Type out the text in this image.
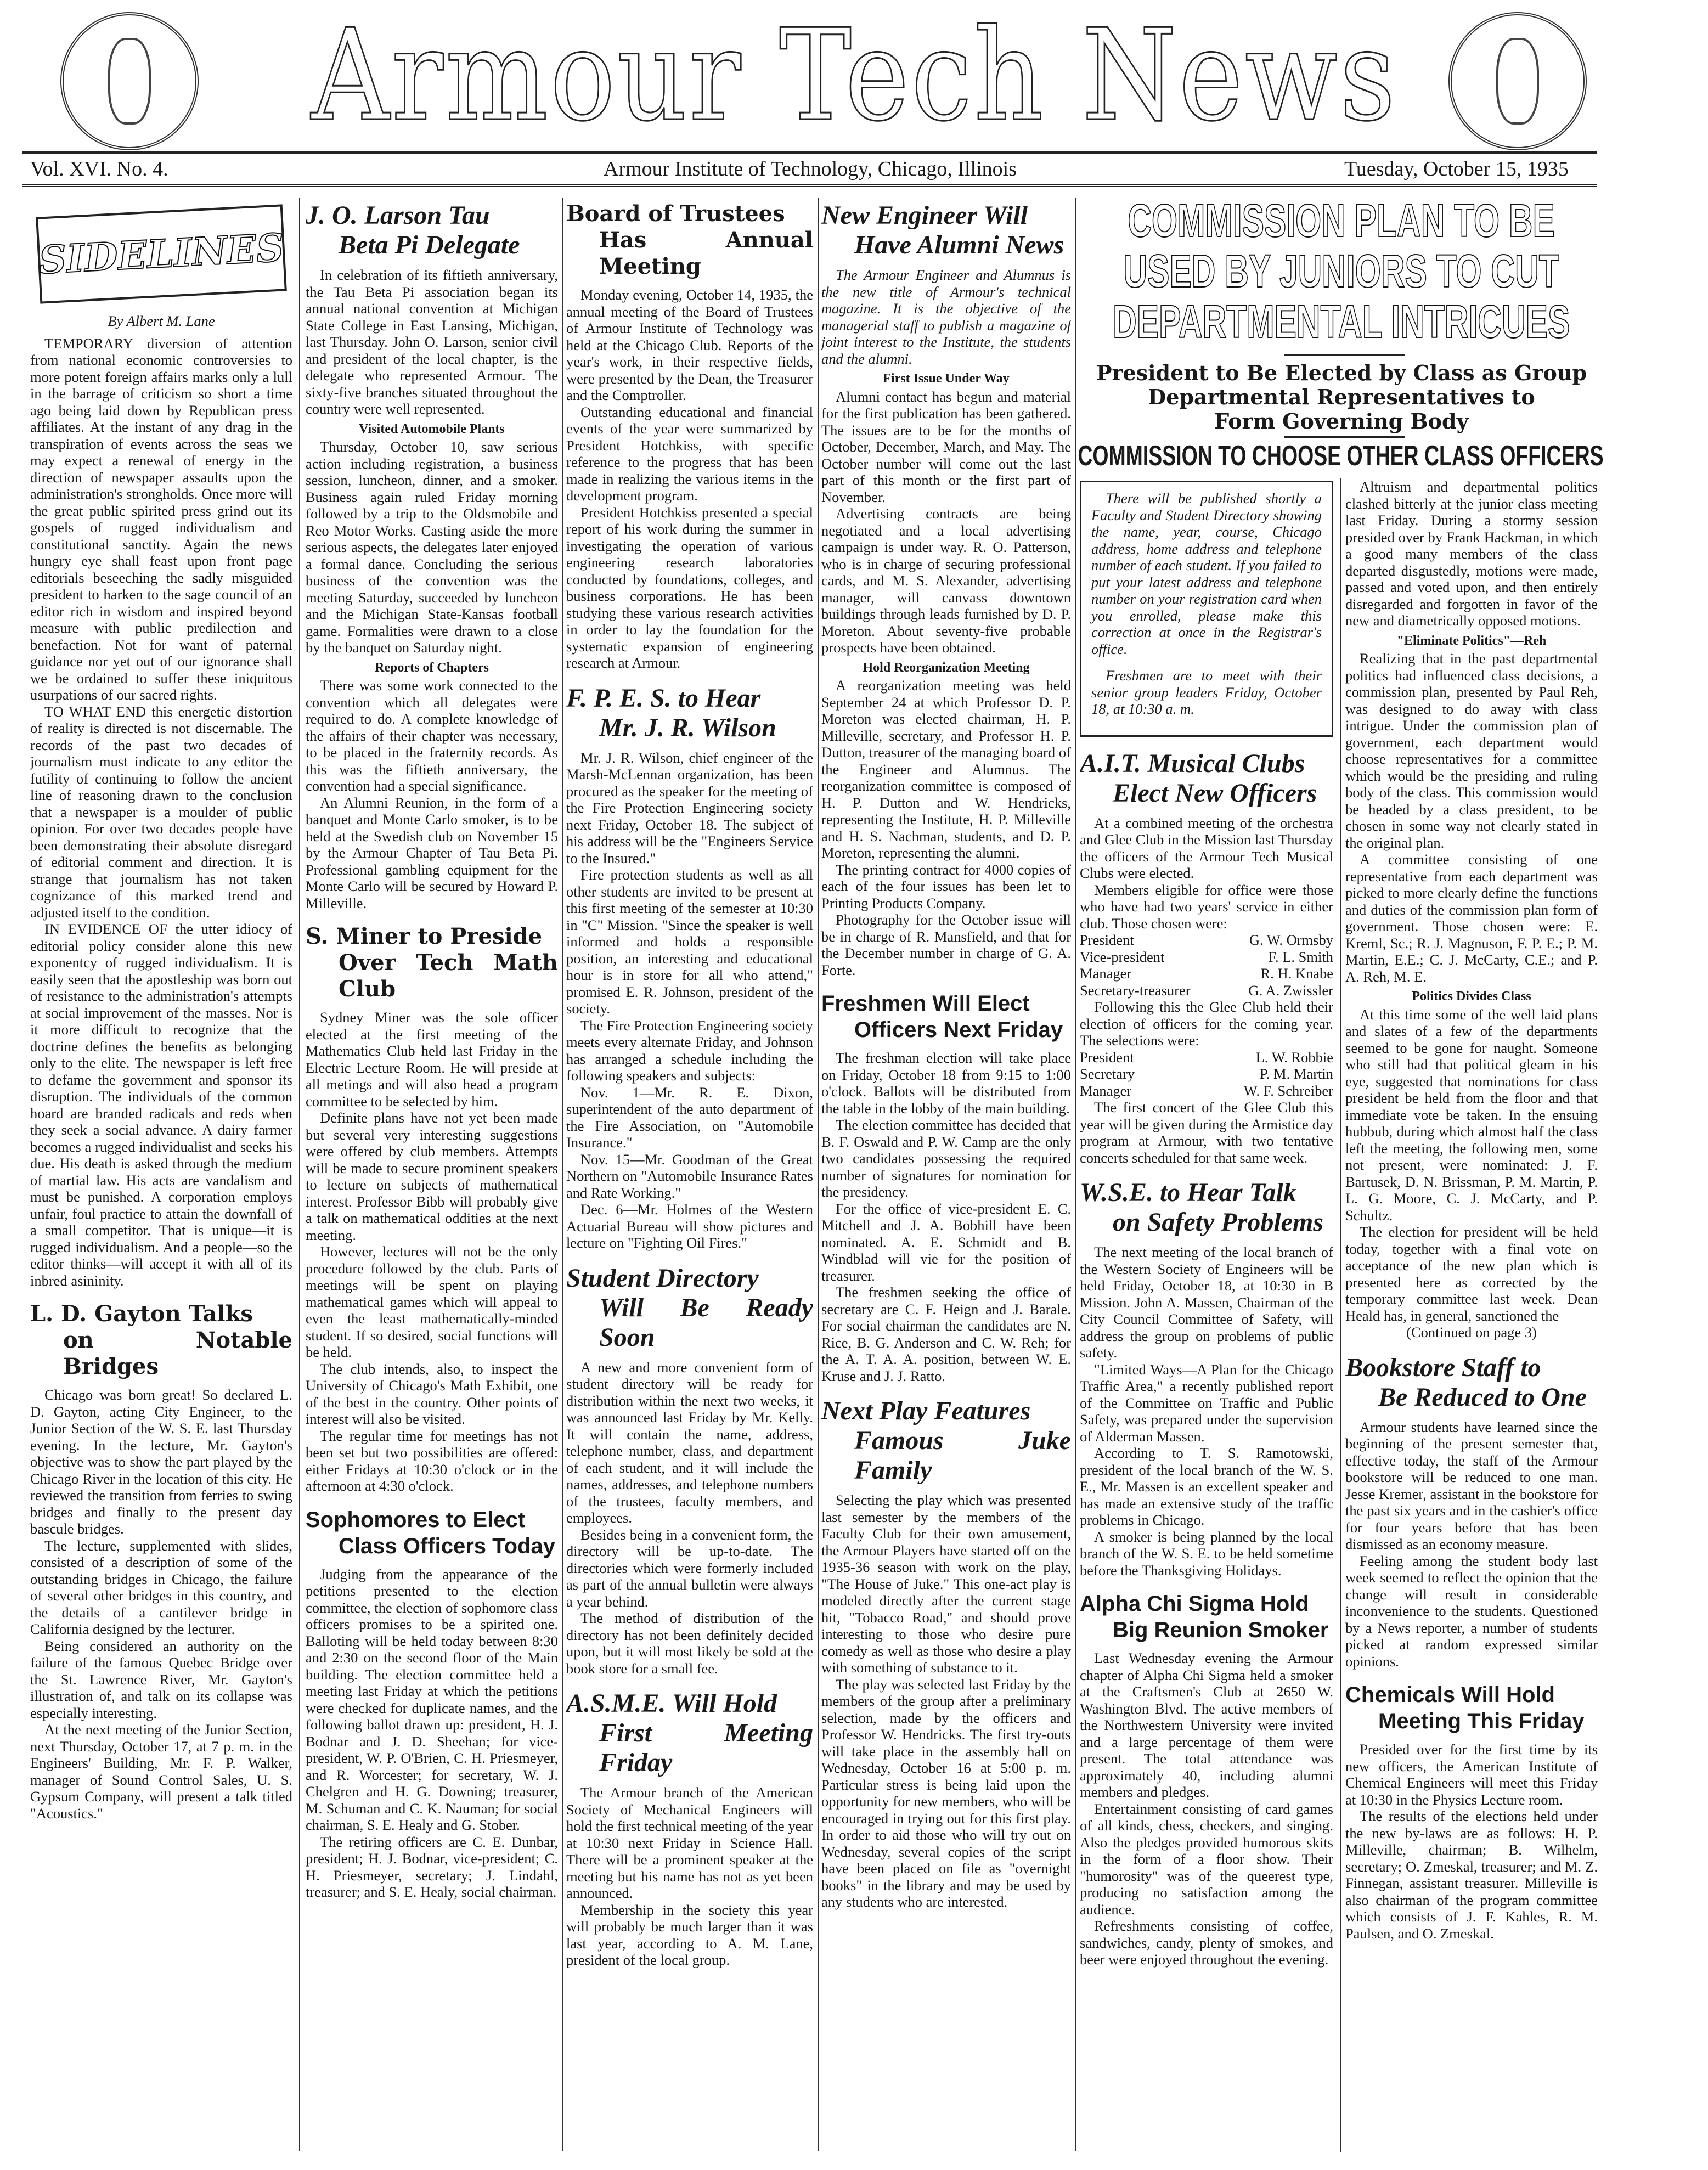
Armour Tech News
Vol. XVI. No. 4.	Armour Institute of Technology, Chicago, Illinois	Tuesday, October 15, 1935
COMMISSION PLAN TO BE
USED BY JUNIORS TO CUT
DEPARTMENTAL INTRICUES
President to Be Elected by Class as Group
Departmental Representatives to
Form Governing Body
COMMISSION TO CHOOSE OTHER CLASS OFFICERS
SIDELINES

By Albert M. Lane

TEMPORARY diversion of attention from national economic controversies to more potent foreign affairs marks only a lull in the barrage of criticism so short a time ago being laid down by Republican press affiliates. At the instant of any drag in the transpiration of events across the seas we may expect a renewal of energy in the direction of newspaper assaults upon the administration's strongholds. Once more will the great public spirited press grind out its gospels of rugged individualism and constitutional sanctity. Again the news hungry eye shall feast upon front page editorials beseeching the sadly misguided president to harken to the sage council of an editor rich in wisdom and inspired beyond measure with public predilection and benefaction. Not for want of paternal guidance nor yet out of our ignorance shall we be ordained to suffer these iniquitous usurpations of our sacred rights.

TO WHAT END this energetic distortion of reality is directed is not discernable. The records of the past two decades of journalism must indicate to any editor the futility of continuing to follow the ancient line of reasoning drawn to the conclusion that a newspaper is a moulder of public opinion. For over two decades people have been demonstrating their absolute disregard of editorial comment and direction. It is strange that journalism has not taken cognizance of this marked trend and adjusted itself to the condition.

IN EVIDENCE OF the utter idiocy of editorial policy consider alone this new exponentcy of rugged individualism. It is easily seen that the apostleship was born out of resistance to the administration's attempts at social improvement of the masses. Nor is it more difficult to recognize that the doctrine defines the benefits as belonging only to the elite. The newspaper is left free to defame the government and sponsor its disruption. The individuals of the common hoard are branded radicals and reds when they seek a social advance. A dairy farmer becomes a rugged individualist and seeks his due. His death is asked through the medium of martial law. His acts are vandalism and must be punished. A corporation employs unfair, foul practice to attain the downfall of a small competitor. That is unique—it is rugged individualism. And a people—so the editor thinks—will accept it with all of its inbred asininity.

L. D. Gayton Talks
on Notable Bridges

Chicago was born great! So declared L. D. Gayton, acting City Engineer, to the Junior Section of the W. S. E. last Thursday evening. In the lecture, Mr. Gayton's objective was to show the part played by the Chicago River in the location of this city. He reviewed the transition from ferries to swing bridges and finally to the present day bascule bridges.

The lecture, supplemented with slides, consisted of a description of some of the outstanding bridges in Chicago, the failure of several other bridges in this country, and the details of a cantilever bridge in California designed by the lecturer.

Being considered an authority on the failure of the famous Quebec Bridge over the St. Lawrence River, Mr. Gayton's illustration of, and talk on its collapse was especially interesting.

At the next meeting of the Junior Section, next Thursday, October 17, at 7 p. m. in the Engineers' Building, Mr. F. P. Walker, manager of Sound Control Sales, U. S. Gypsum Company, will present a talk titled "Acoustics."

J. O. Larson Tau
Beta Pi Delegate

In celebration of its fiftieth anniversary, the Tau Beta Pi association began its annual national convention at Michigan State College in East Lansing, Michigan, last Thursday. John O. Larson, senior civil and president of the local chapter, is the delegate who represented Armour. The sixty-five branches situated throughout the country were well represented.

Visited Automobile Plants

Thursday, October 10, saw serious action including registration, a business session, luncheon, dinner, and a smoker. Business again ruled Friday morning followed by a trip to the Oldsmobile and Reo Motor Works. Casting aside the more serious aspects, the delegates later enjoyed a formal dance. Concluding the serious business of the convention was the meeting Saturday, succeeded by luncheon and the Michigan State-Kansas football game. Formalities were drawn to a close by the banquet on Saturday night.

Reports of Chapters

There was some work connected to the convention which all delegates were required to do. A complete knowledge of the affairs of their chapter was necessary, to be placed in the fraternity records. As this was the fiftieth anniversary, the convention had a special significance.

An Alumni Reunion, in the form of a banquet and Monte Carlo smoker, is to be held at the Swedish club on November 15 by the Armour Chapter of Tau Beta Pi. Professional gambling equipment for the Monte Carlo will be secured by Howard P. Milleville.

S. Miner to Preside
Over Tech Math Club

Sydney Miner was the sole officer elected at the first meeting of the Mathematics Club held last Friday in the Electric Lecture Room. He will preside at all metings and will also head a program committee to be selected by him.

Definite plans have not yet been made but several very interesting suggestions were offered by club members. Attempts will be made to secure prominent speakers to lecture on subjects of mathematical interest. Professor Bibb will probably give a talk on mathematical oddities at the next meeting.

However, lectures will not be the only procedure followed by the club. Parts of meetings will be spent on playing mathematical games which will appeal to even the least mathematically-minded student. If so desired, social functions will be held.

The club intends, also, to inspect the University of Chicago's Math Exhibit, one of the best in the country. Other points of interest will also be visited.

The regular time for meetings has not been set but two possibilities are offered: either Fridays at 10:30 o'clock or in the afternoon at 4:30 o'clock.

Sophomores to Elect
Class Officers Today

Judging from the appearance of the petitions presented to the election committee, the election of sophomore class officers promises to be a spirited one. Balloting will be held today between 8:30 and 2:30 on the second floor of the Main building. The election committee held a meeting last Friday at which the petitions were checked for duplicate names, and the following ballot drawn up: president, H. J. Bodnar and J. D. Sheehan; for vice-president, W. P. O'Brien, C. H. Priesmeyer, and R. Worcester; for secretary, W. J. Chelgren and H. G. Downing; treasurer, M. Schuman and C. K. Nauman; for social chairman, S. E. Healy and G. Stober.

The retiring officers are C. E. Dunbar, president; H. J. Bodnar, vice-president; C. H. Priesmeyer, secretary; J. Lindahl, treasurer; and S. E. Healy, social chairman.

Board of Trustees
Has Annual Meeting

Monday evening, October 14, 1935, the annual meeting of the Board of Trustees of Armour Institute of Technology was held at the Chicago Club. Reports of the year's work, in their respective fields, were presented by the Dean, the Treasurer and the Comptroller.

Outstanding educational and financial events of the year were summarized by President Hotchkiss, with specific reference to the progress that has been made in realizing the various items in the development program.

President Hotchkiss presented a special report of his work during the summer in investigating the operation of various engineering research laboratories conducted by foundations, colleges, and business corporations. He has been studying these various research activities in order to lay the foundation for the systematic expansion of engineering research at Armour.

F. P. E. S. to Hear
Mr. J. R. Wilson

Mr. J. R. Wilson, chief engineer of the Marsh-McLennan organization, has been procured as the speaker for the meeting of the Fire Protection Engineering society next Friday, October 18. The subject of his address will be the "Engineers Service to the Insured."

Fire protection students as well as all other students are invited to be present at this first meeting of the semester at 10:30 in "C" Mission. "Since the speaker is well informed and holds a responsible position, an interesting and educational hour is in store for all who attend," promised E. R. Johnson, president of the society.

The Fire Protection Engineering society meets every alternate Friday, and Johnson has arranged a schedule including the following speakers and subjects:

Nov. 1—Mr. R. E. Dixon, superintendent of the auto department of the Fire Association, on "Automobile Insurance."

Nov. 15—Mr. Goodman of the Great Northern on "Automobile Insurance Rates and Rate Working."

Dec. 6—Mr. Holmes of the Western Actuarial Bureau will show pictures and lecture on "Fighting Oil Fires."

Student Directory
Will Be Ready Soon

A new and more convenient form of student directory will be ready for distribution within the next two weeks, it was announced last Friday by Mr. Kelly. It will contain the name, address, telephone number, class, and department of each student, and it will include the names, addresses, and telephone numbers of the trustees, faculty members, and employees.

Besides being in a convenient form, the directory will be up-to-date. The directories which were formerly included as part of the annual bulletin were always a year behind.

The method of distribution of the directory has not been definitely decided upon, but it will most likely be sold at the book store for a small fee.

A.S.M.E. Will Hold
First Meeting Friday

The Armour branch of the American Society of Mechanical Engineers will hold the first technical meeting of the year at 10:30 next Friday in Science Hall. There will be a prominent speaker at the meeting but his name has not as yet been announced.

Membership in the society this year will probably be much larger than it was last year, according to A. M. Lane, president of the local group.

New Engineer Will
Have Alumni News

The Armour Engineer and Alumnus is the new title of Armour's technical magazine. It is the objective of the managerial staff to publish a magazine of joint interest to the Institute, the students and the alumni.

First Issue Under Way

Alumni contact has begun and material for the first publication has been gathered. The issues are to be for the months of October, December, March, and May. The October number will come out the last part of this month or the first part of November.

Advertising contracts are being negotiated and a local advertising campaign is under way. R. O. Patterson, who is in charge of securing professional cards, and M. S. Alexander, advertising manager, will canvass downtown buildings through leads furnished by D. P. Moreton. About seventy-five probable prospects have been obtained.

Hold Reorganization Meeting

A reorganization meeting was held September 24 at which Professor D. P. Moreton was elected chairman, H. P. Milleville, secretary, and Professor H. P. Dutton, treasurer of the managing board of the Engineer and Alumnus. The reorganization committee is composed of H. P. Dutton and W. Hendricks, representing the Institute, H. P. Milleville and H. S. Nachman, students, and D. P. Moreton, representing the alumni.

The printing contract for 4000 copies of each of the four issues has been let to Printing Products Company.

Photography for the October issue will be in charge of R. Mansfield, and that for the December number in charge of G. A. Forte.

Freshmen Will Elect
Officers Next Friday

The freshman election will take place on Friday, October 18 from 9:15 to 1:00 o'clock. Ballots will be distributed from the table in the lobby of the main building.

The election committee has decided that B. F. Oswald and P. W. Camp are the only two candidates possessing the required number of signatures for nomination for the presidency.

For the office of vice-president E. C. Mitchell and J. A. Bobhill have been nominated. A. E. Schmidt and B. Windblad will vie for the position of treasurer.

The freshmen seeking the office of secretary are C. F. Heign and J. Barale. For social chairman the candidates are N. Rice, B. G. Anderson and C. W. Reh; for the A. T. A. A. position, between W. E. Kruse and J. J. Ratto.

Next Play Features
Famous Juke Family

Selecting the play which was presented last semester by the members of the Faculty Club for their own amusement, the Armour Players have started off on the 1935-36 season with work on the play, "The House of Juke." This one-act play is modeled directly after the current stage hit, "Tobacco Road," and should prove interesting to those who desire pure comedy as well as those who desire a play with something of substance to it.

The play was selected last Friday by the members of the group after a preliminary selection, made by the officers and Professor W. Hendricks. The first try-outs will take place in the assembly hall on Wednesday, October 16 at 5:00 p. m. Particular stress is being laid upon the opportunity for new members, who will be encouraged in trying out for this first play. In order to aid those who will try out on Wednesday, several copies of the script have been placed on file as "overnight books" in the library and may be used by any students who are interested.

There will be published shortly a Faculty and Student Directory showing the name, year, course, Chicago address, home address and telephone number of each student. If you failed to put your latest address and telephone number on your registration card when you enrolled, please make this correction at once in the Registrar's office.

Freshmen are to meet with their senior group leaders Friday, October 18, at 10:30 a. m.

A.I.T. Musical Clubs
Elect New Officers

At a combined meeting of the orchestra and Glee Club in the Mission last Thursday the officers of the Armour Tech Musical Clubs were elected.

Members eligible for office were those who have had two years' service in either club. Those chosen were:

President	G. W. Ormsby

Vice-president	F. L. Smith

Manager	R. H. Knabe

Secretary-treasurer	G. A. Zwissler

Following this the Glee Club held their election of officers for the coming year. The selections were:

President	L. W. Robbie

Secretary	P. M. Martin

Manager	W. F. Schreiber

The first concert of the Glee Club this year will be given during the Armistice day program at Armour, with two tentative concerts scheduled for that same week.

W.S.E. to Hear Talk
on Safety Problems

The next meeting of the local branch of the Western Society of Engineers will be held Friday, October 18, at 10:30 in B Mission. John A. Massen, Chairman of the City Council Committee of Safety, will address the group on problems of public safety.

"Limited Ways—A Plan for the Chicago Traffic Area," a recently published report of the Committee on Traffic and Public Safety, was prepared under the supervision of Alderman Massen.

According to T. S. Ramotowski, president of the local branch of the W. S. E., Mr. Massen is an excellent speaker and has made an extensive study of the traffic problems in Chicago.

A smoker is being planned by the local branch of the W. S. E. to be held sometime before the Thanksgiving Holidays.

Alpha Chi Sigma Hold
Big Reunion Smoker

Last Wednesday evening the Armour chapter of Alpha Chi Sigma held a smoker at the Craftsmen's Club at 2650 W. Washington Blvd. The active members of the Northwestern University were invited and a large percentage of them were present. The total attendance was approximately 40, including alumni members and pledges.

Entertainment consisting of card games of all kinds, chess, checkers, and singing. Also the pledges provided humorous skits in the form of a floor show. Their "humorosity" was of the queerest type, producing no satisfaction among the audience.

Refreshments consisting of coffee, sandwiches, candy, plenty of smokes, and beer were enjoyed throughout the evening.

Altruism and departmental politics clashed bitterly at the junior class meeting last Friday. During a stormy session presided over by Frank Hackman, in which a good many members of the class departed disgustedly, motions were made, passed and voted upon, and then entirely disregarded and forgotten in favor of the new and diametrically opposed motions.

"Eliminate Politics"—Reh

Realizing that in the past departmental politics had influenced class decisions, a commission plan, presented by Paul Reh, was designed to do away with class intrigue. Under the commission plan of government, each department would choose representatives for a committee which would be the presiding and ruling body of the class. This commission would be headed by a class president, to be chosen in some way not clearly stated in the original plan.

A committee consisting of one representative from each department was picked to more clearly define the functions and duties of the commission plan form of government. Those chosen were: E. Kreml, Sc.; R. J. Magnuson, F. P. E.; P. M. Martin, E.E.; C. J. McCarty, C.E.; and P. A. Reh, M. E.

Politics Divides Class

At this time some of the well laid plans and slates of a few of the departments seemed to be gone for naught. Someone who still had that political gleam in his eye, suggested that nominations for class president be held from the floor and that immediate vote be taken. In the ensuing hubbub, during which almost half the class left the meeting, the following men, some not present, were nominated: J. F. Bartusek, D. N. Brissman, P. M. Martin, P. L. G. Moore, C. J. McCarty, and P. Schultz.

The election for president will be held today, together with a final vote on acceptance of the new plan which is presented here as corrected by the temporary committee last week. Dean Heald has, in general, sanctioned the

(Continued on page 3)

Bookstore Staff to
Be Reduced to One

Armour students have learned since the beginning of the present semester that, effective today, the staff of the Armour bookstore will be reduced to one man. Jesse Kremer, assistant in the bookstore for the past six years and in the cashier's office for four years before that has been dismissed as an economy measure.

Feeling among the student body last week seemed to reflect the opinion that the change will result in considerable inconvenience to the students. Questioned by a News reporter, a number of students picked at random expressed similar opinions.

Chemicals Will Hold
Meeting This Friday

Presided over for the first time by its new officers, the American Institute of Chemical Engineers will meet this Friday at 10:30 in the Physics Lecture room.

The results of the elections held under the new by-laws are as follows: H. P. Milleville, chairman; B. Wilhelm, secretary; O. Zmeskal, treasurer; and M. Z. Finnegan, assistant treasurer. Milleville is also chairman of the program committee which consists of J. F. Kahles, R. M. Paulsen, and O. Zmeskal.
